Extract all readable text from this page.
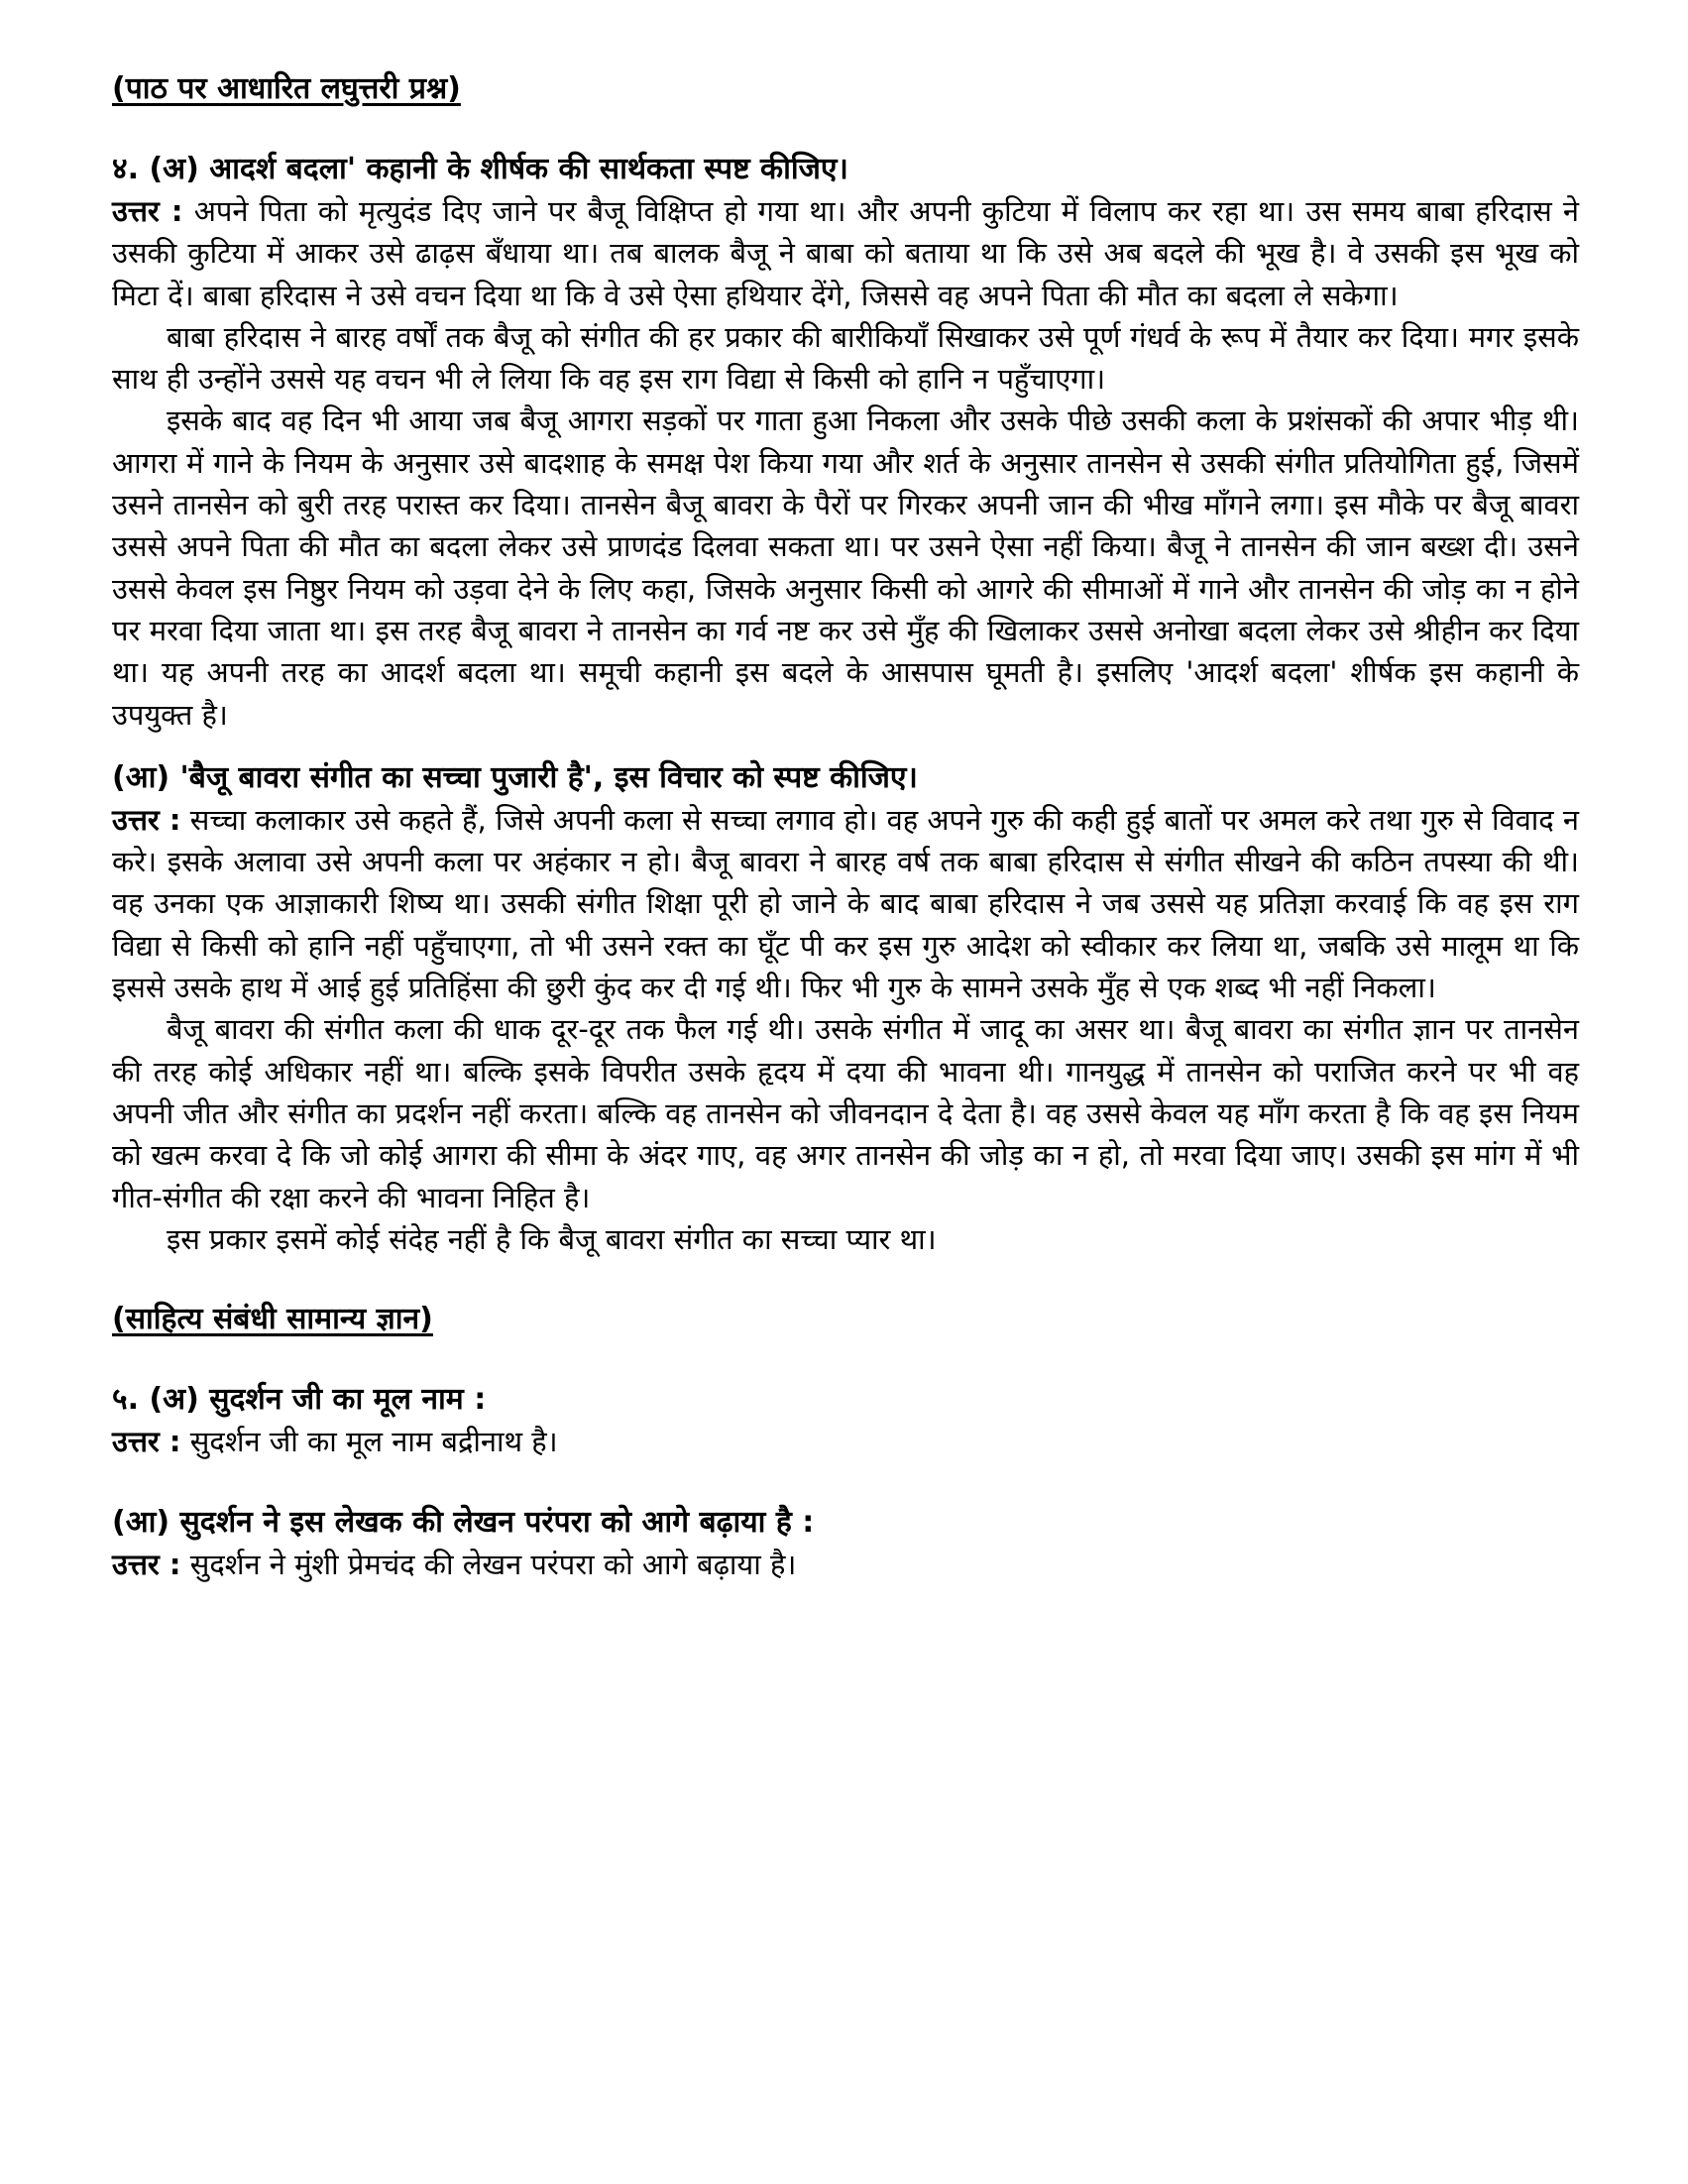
(पाठ पर आधारित लघुत्तरी प्रश्न)

४. (अ) आदर्श बदला' कहानी के शीर्षक की सार्थकता स्पष्ट कीजिए।

उत्तर : अपने पिता को मृत्युदंड दिए जाने पर बैजू विक्षिप्त हो गया था। और अपनी कुटिया में विलाप कर रहा था। उस समय बाबा हरिदास ने उसकी कुटिया में आकर उसे ढाढ़स बँधाया था। तब बालक बैजू ने बाबा को बताया था कि उसे अब बदले की भूख है। वे उसकी इस भूख को मिटा दें। बाबा हरिदास ने उसे वचन दिया था कि वे उसे ऐसा हथियार देंगे, जिससे वह अपने पिता की मौत का बदला ले सकेगा।

बाबा हरिदास ने बारह वर्षों तक बैजू को संगीत की हर प्रकार की बारीकियाँ सिखाकर उसे पूर्ण गंधर्व के रूप में तैयार कर दिया। मगर इसके साथ ही उन्होंने उससे यह वचन भी ले लिया कि वह इस राग विद्या से किसी को हानि न पहुँचाएगा।

इसके बाद वह दिन भी आया जब बैजू आगरा सड़कों पर गाता हुआ निकला और उसके पीछे उसकी कला के प्रशंसकों की अपार भीड़ थी। आगरा में गाने के नियम के अनुसार उसे बादशाह के समक्ष पेश किया गया और शर्त के अनुसार तानसेन से उसकी संगीत प्रतियोगिता हुई, जिसमें उसने तानसेन को बुरी तरह परास्त कर दिया। तानसेन बैजू बावरा के पैरों पर गिरकर अपनी जान की भीख माँगने लगा। इस मौके पर बैजू बावरा उससे अपने पिता की मौत का बदला लेकर उसे प्राणदंड दिलवा सकता था। पर उसने ऐसा नहीं किया। बैजू ने तानसेन की जान बख्श दी। उसने उससे केवल इस निष्ठुर नियम को उड़वा देने के लिए कहा, जिसके अनुसार किसी को आगरे की सीमाओं में गाने और तानसेन की जोड़ का न होने पर मरवा दिया जाता था। इस तरह बैजू बावरा ने तानसेन का गर्व नष्ट कर उसे मुँह की खिलाकर उससे अनोखा बदला लेकर उसे श्रीहीन कर दिया था। यह अपनी तरह का आदर्श बदला था। समूची कहानी इस बदले के आसपास घूमती है। इसलिए 'आदर्श बदला' शीर्षक इस कहानी के उपयुक्त है।

(आ) 'बैजू बावरा संगीत का सच्चा पुजारी है', इस विचार को स्पष्ट कीजिए।

उत्तर : सच्चा कलाकार उसे कहते हैं, जिसे अपनी कला से सच्चा लगाव हो। वह अपने गुरु की कही हुई बातों पर अमल करे तथा गुरु से विवाद न करे। इसके अलावा उसे अपनी कला पर अहंकार न हो। बैजू बावरा ने बारह वर्ष तक बाबा हरिदास से संगीत सीखने की कठिन तपस्या की थी। वह उनका एक आज्ञाकारी शिष्य था। उसकी संगीत शिक्षा पूरी हो जाने के बाद बाबा हरिदास ने जब उससे यह प्रतिज्ञा करवाई कि वह इस राग विद्या से किसी को हानि नहीं पहुँचाएगा, तो भी उसने रक्त का घूँट पी कर इस गुरु आदेश को स्वीकार कर लिया था, जबकि उसे मालूम था कि इससे उसके हाथ में आई हुई प्रतिहिंसा की छुरी कुंद कर दी गई थी। फिर भी गुरु के सामने उसके मुँह से एक शब्द भी नहीं निकला।

बैजू बावरा की संगीत कला की धाक दूर-दूर तक फैल गई थी। उसके संगीत में जादू का असर था। बैजू बावरा का संगीत ज्ञान पर तानसेन की तरह कोई अधिकार नहीं था। बल्कि इसके विपरीत उसके हृदय में दया की भावना थी। गानयुद्ध में तानसेन को पराजित करने पर भी वह अपनी जीत और संगीत का प्रदर्शन नहीं करता। बल्कि वह तानसेन को जीवनदान दे देता है। वह उससे केवल यह माँग करता है कि वह इस नियम को खत्म करवा दे कि जो कोई आगरा की सीमा के अंदर गाए, वह अगर तानसेन की जोड़ का न हो, तो मरवा दिया जाए। उसकी इस मांग में भी गीत-संगीत की रक्षा करने की भावना निहित है।

इस प्रकार इसमें कोई संदेह नहीं है कि बैजू बावरा संगीत का सच्चा प्यार था।

(साहित्य संबंधी सामान्य ज्ञान)

५. (अ) सुदर्शन जी का मूल नाम :

उत्तर : सुदर्शन जी का मूल नाम बद्रीनाथ है।

(आ) सुदर्शन ने इस लेखक की लेखन परंपरा को आगे बढ़ाया है :

उत्तर : सुदर्शन ने मुंशी प्रेमचंद की लेखन परंपरा को आगे बढ़ाया है।
